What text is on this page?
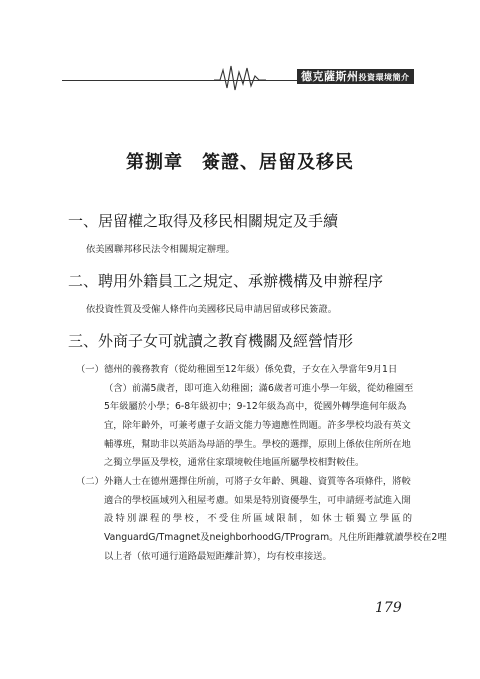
德克薩斯州投資環境簡介
第捌章　簽證、居留及移民
一、居留權之取得及移民相關規定及手續
依美國聯邦移民法令相關規定辦理。
二、聘用外籍員工之規定、承辦機構及申辦程序
依投資性質及受僱人條件向美國移民局申請居留或移民簽證。
三、外商子女可就讀之教育機關及經營情形
（一） 德州的義務教育（從幼稚園至12年級）係免費，子女在入學當年9月1日
（含）前滿5歲者，即可進入幼稚園；滿6歲者可進小學一年級，從幼稚園至
5年級屬於小學；6-8年級初中；9-12年級為高中，從國外轉學進何年級為
宜，除年齡外，可兼考慮子女語文能力等適應性問題。許多學校均設有英文
輔導班，幫助非以英語為母語的學生。學校的選擇，原則上係依住所所在地
之獨立學區及學校，通常住家環境較佳地區所屬學校相對較佳。
（二） 外籍人士在德州選擇住所前，可將子女年齡、興趣、資質等各項條件，將較
適合的學校區域列入租屋考慮。如果是特別資優學生，可申請經考試進入開
設特別課程的學校，不受住所區域限制，如休士頓獨立學區的
VanguardG/Tmagnet及neighborhoodG/TProgram。凡住所距離就讀學校在2哩
以上者（依可通行道路最短距離計算），均有校車接送。
179
